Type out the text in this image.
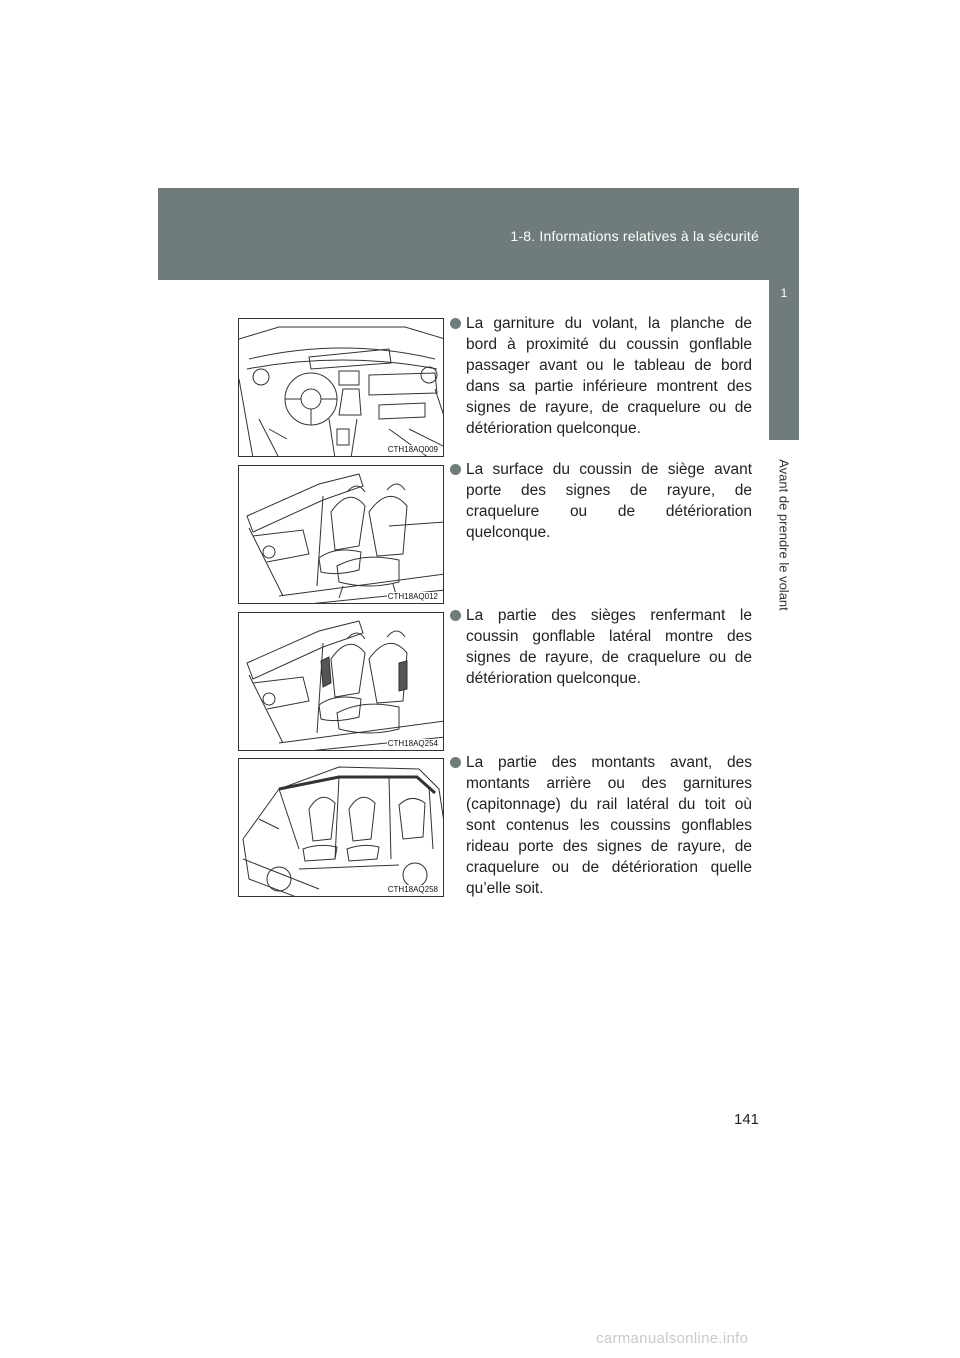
1-8. Informations relatives à la sécurité
1
Avant de prendre le volant
CTH18AQ009
CTH18AQ012
CTH18AQ254
CTH18AQ258
La garniture du volant, la planche de bord à proximité du coussin gonflable passager avant ou le tableau de bord dans sa partie inférieure montrent des signes de rayure, de craquelure ou de détérioration quelconque.
La surface du coussin de siège avant porte des signes de rayure, de craquelure ou de détérioration quelconque.
La partie des sièges renfermant le coussin gonflable latéral montre des signes de rayure, de craquelure ou de détérioration quelconque.
La partie des montants avant, des montants arrière ou des garnitures (capitonnage) du rail latéral du toit où sont contenus les coussins gonflables rideau porte des signes de rayure, de craquelure ou de détérioration quelle qu’elle soit.
141
carmanualsonline.info
